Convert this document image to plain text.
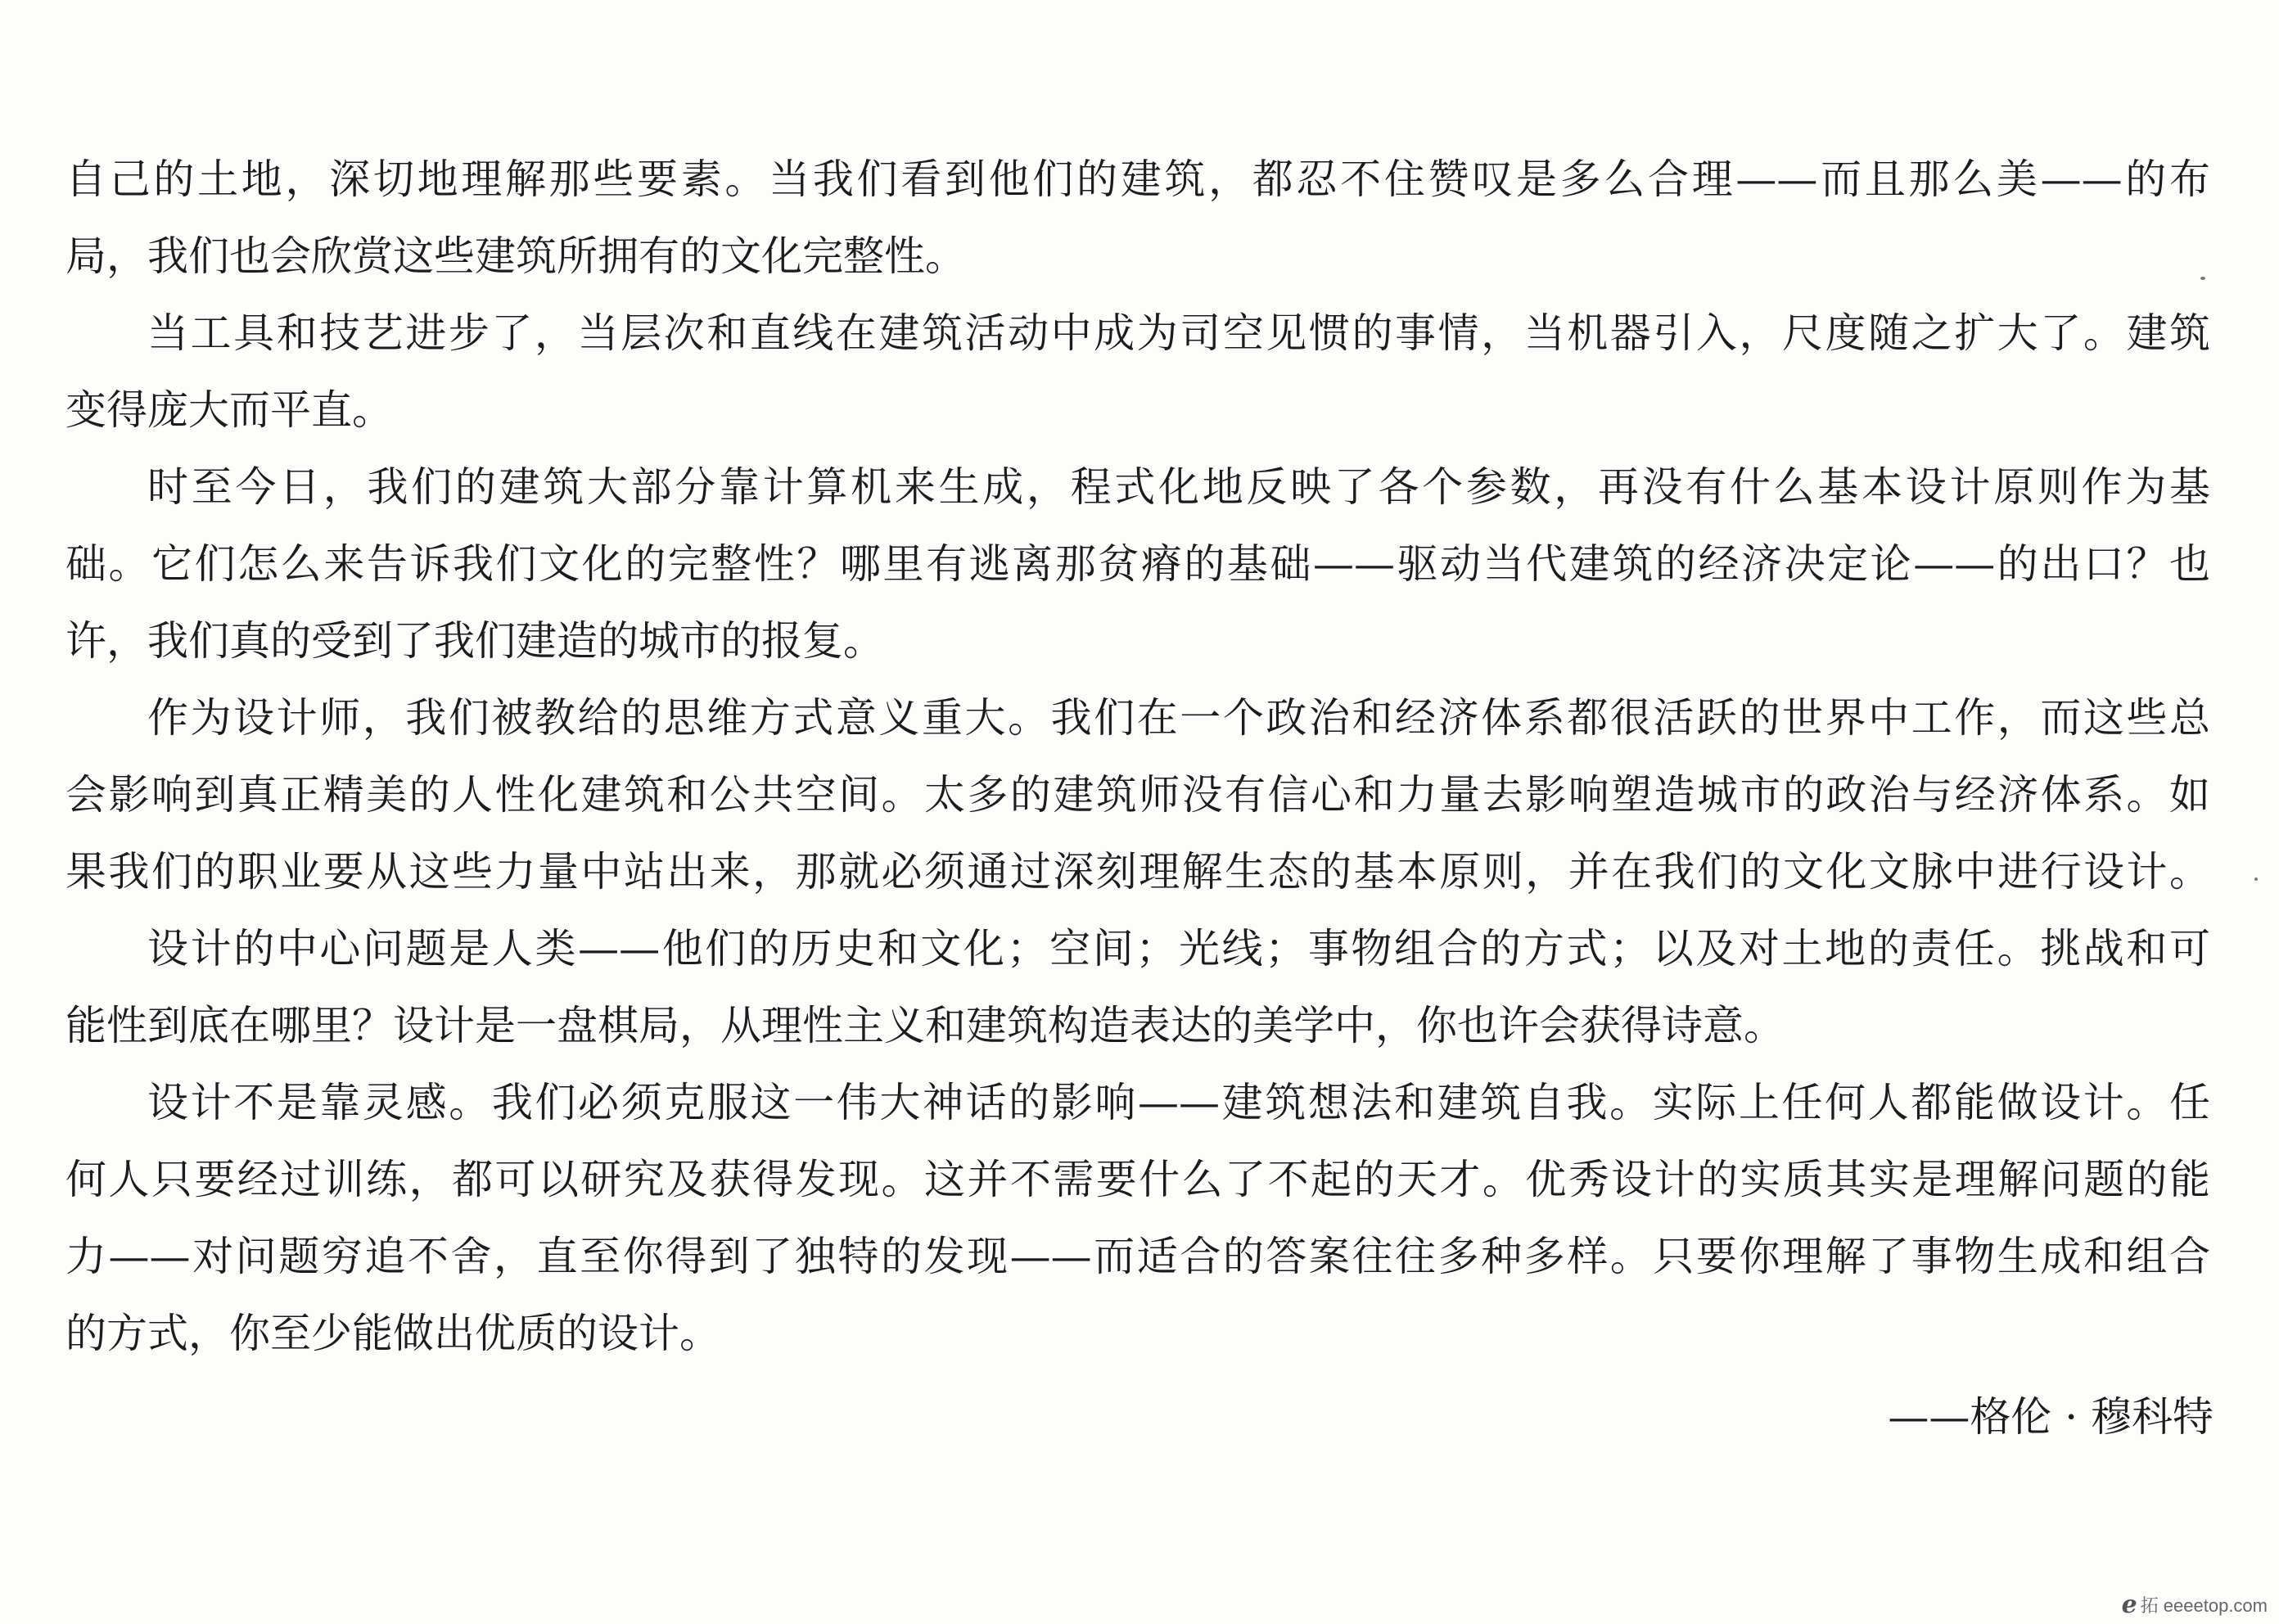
自己的土地，深切地理解那些要素。当我们看到他们的建筑，都忍不住赞叹是多么合理——而且那么美——的布
局，我们也会欣赏这些建筑所拥有的文化完整性。
当工具和技艺进步了，当层次和直线在建筑活动中成为司空见惯的事情，当机器引入，尺度随之扩大了。建筑
变得庞大而平直。
时至今日，我们的建筑大部分靠计算机来生成，程式化地反映了各个参数，再没有什么基本设计原则作为基
础。它们怎么来告诉我们文化的完整性？哪里有逃离那贫瘠的基础——驱动当代建筑的经济决定论——的出口？也
许，我们真的受到了我们建造的城市的报复。
作为设计师，我们被教给的思维方式意义重大。我们在一个政治和经济体系都很活跃的世界中工作，而这些总
会影响到真正精美的人性化建筑和公共空间。太多的建筑师没有信心和力量去影响塑造城市的政治与经济体系。如
果我们的职业要从这些力量中站出来，那就必须通过深刻理解生态的基本原则，并在我们的文化文脉中进行设计。
设计的中心问题是人类——他们的历史和文化；空间；光线；事物组合的方式；以及对土地的责任。挑战和可
能性到底在哪里？设计是一盘棋局，从理性主义和建筑构造表达的美学中，你也许会获得诗意。
设计不是靠灵感。我们必须克服这一伟大神话的影响——建筑想法和建筑自我。实际上任何人都能做设计。任
何人只要经过训练，都可以研究及获得发现。这并不需要什么了不起的天才。优秀设计的实质其实是理解问题的能
力——对问题穷追不舍，直至你得到了独特的发现——而适合的答案往往多种多样。只要你理解了事物生成和组合
的方式，你至少能做出优质的设计。
——格伦 · 穆科特
e 拓 eeeetop.com
